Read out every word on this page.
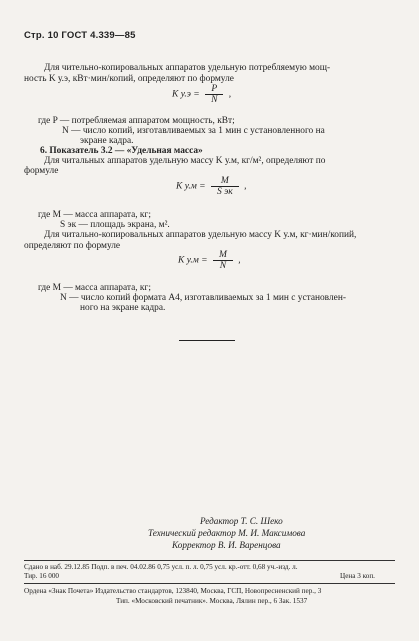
Стр. 10 ГОСТ 4.339—85
Для чительно-копировальных аппаратов удельную потребляемую мощ-
ность K у.э, кВт·мин/копий, определяют по формуле
K $у.э = \frac{P}{N}$ ,
где P — потребляемая аппаратом мощность, кВт;
N — число копий, изготавливаемых за 1 мин с установленного на
экране кадра.
6. Показатель 3.2 — «Удельная масса»
Для читальных аппаратов удельную массу K у.м, кг/м², определяют по
формуле
K $у.м = \frac{M}{\text{S эк}}$ ,
где M — масса аппарата, кг;
S эк — площадь экрана, м².
Для читально-копировальных аппаратов удельную массу K у.м, кг·мин/копий,
определяют по формуле
K $у.м = \frac{M}{N}$ ,
где M — масса аппарата, кг;
N — число копий формата А4, изготавливаемых за 1 мин с установлен-
ного на экране кадра.
Редактор Т. С. Шеко
Технический редактор М. И. Максимова
Корректор В. И. Варенцова
Сдано в наб. 29.12.85 Подп. в печ. 04.02.86 0,75 усл. п. л. 0,75 усл. кр.-отт. 0,68 уч.-изд. л.
Тир. 16 000	Цена 3 коп.
Ордена «Знак Почета» Издательство стандартов, 123840, Москва, ГСП, Новопресненский пер., 3
Тип. «Московский печатник». Москва, Лялин пер., 6 Зак. 1537
